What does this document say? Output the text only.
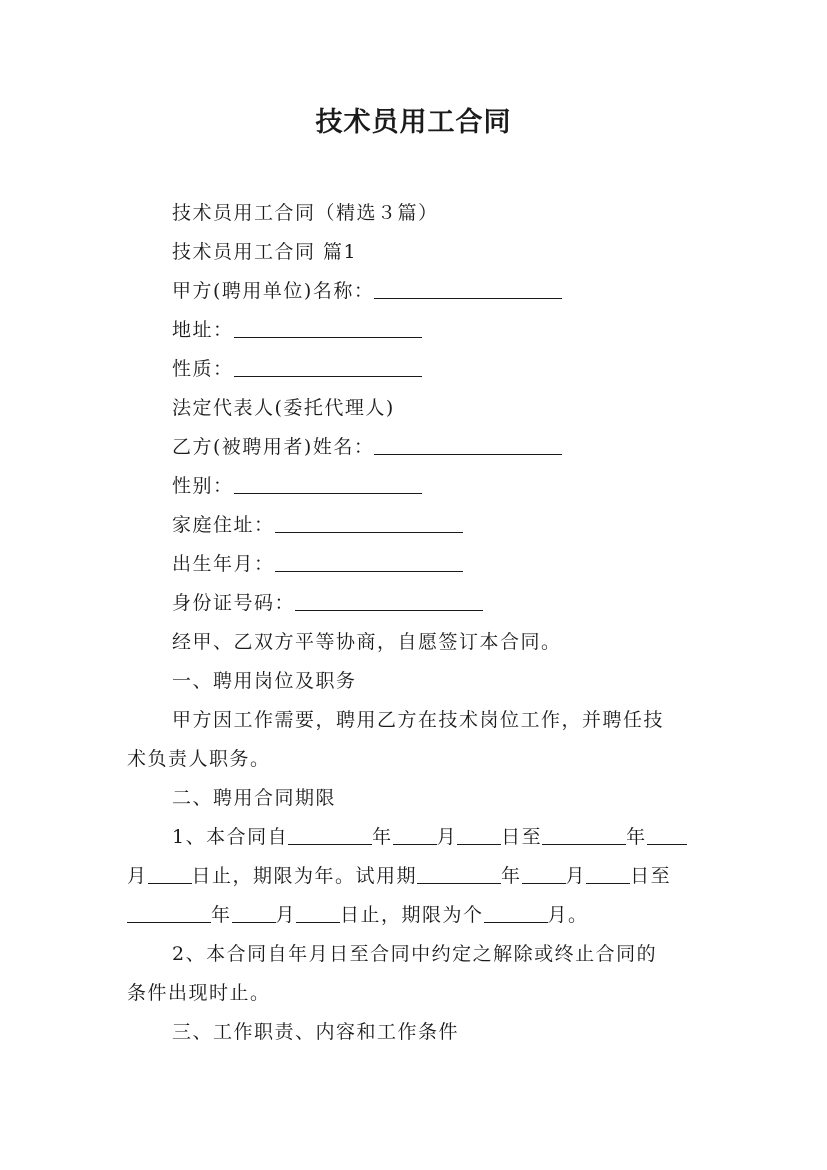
技术员用工合同
技术员用工合同（精选３篇）
技术员用工合同 篇1
甲方(聘用单位)名称：
地址：
性质：
法定代表人(委托代理人)
乙方(被聘用者)姓名：
性别：
家庭住址：
出生年月：
身份证号码：
经甲、乙双方平等协商，自愿签订本合同。
一、聘用岗位及职务
甲方因工作需要，聘用乙方在技术岗位工作，并聘任技
术负责人职务。
二、聘用合同期限
1、本合同自	年 月 日至	年
月 日止，期限为年。试用期	年 月 日至
年 月 日止，期限为个	月。
2、本合同自年月日至合同中约定之解除或终止合同的
条件出现时止。
三、工作职责、内容和工作条件
